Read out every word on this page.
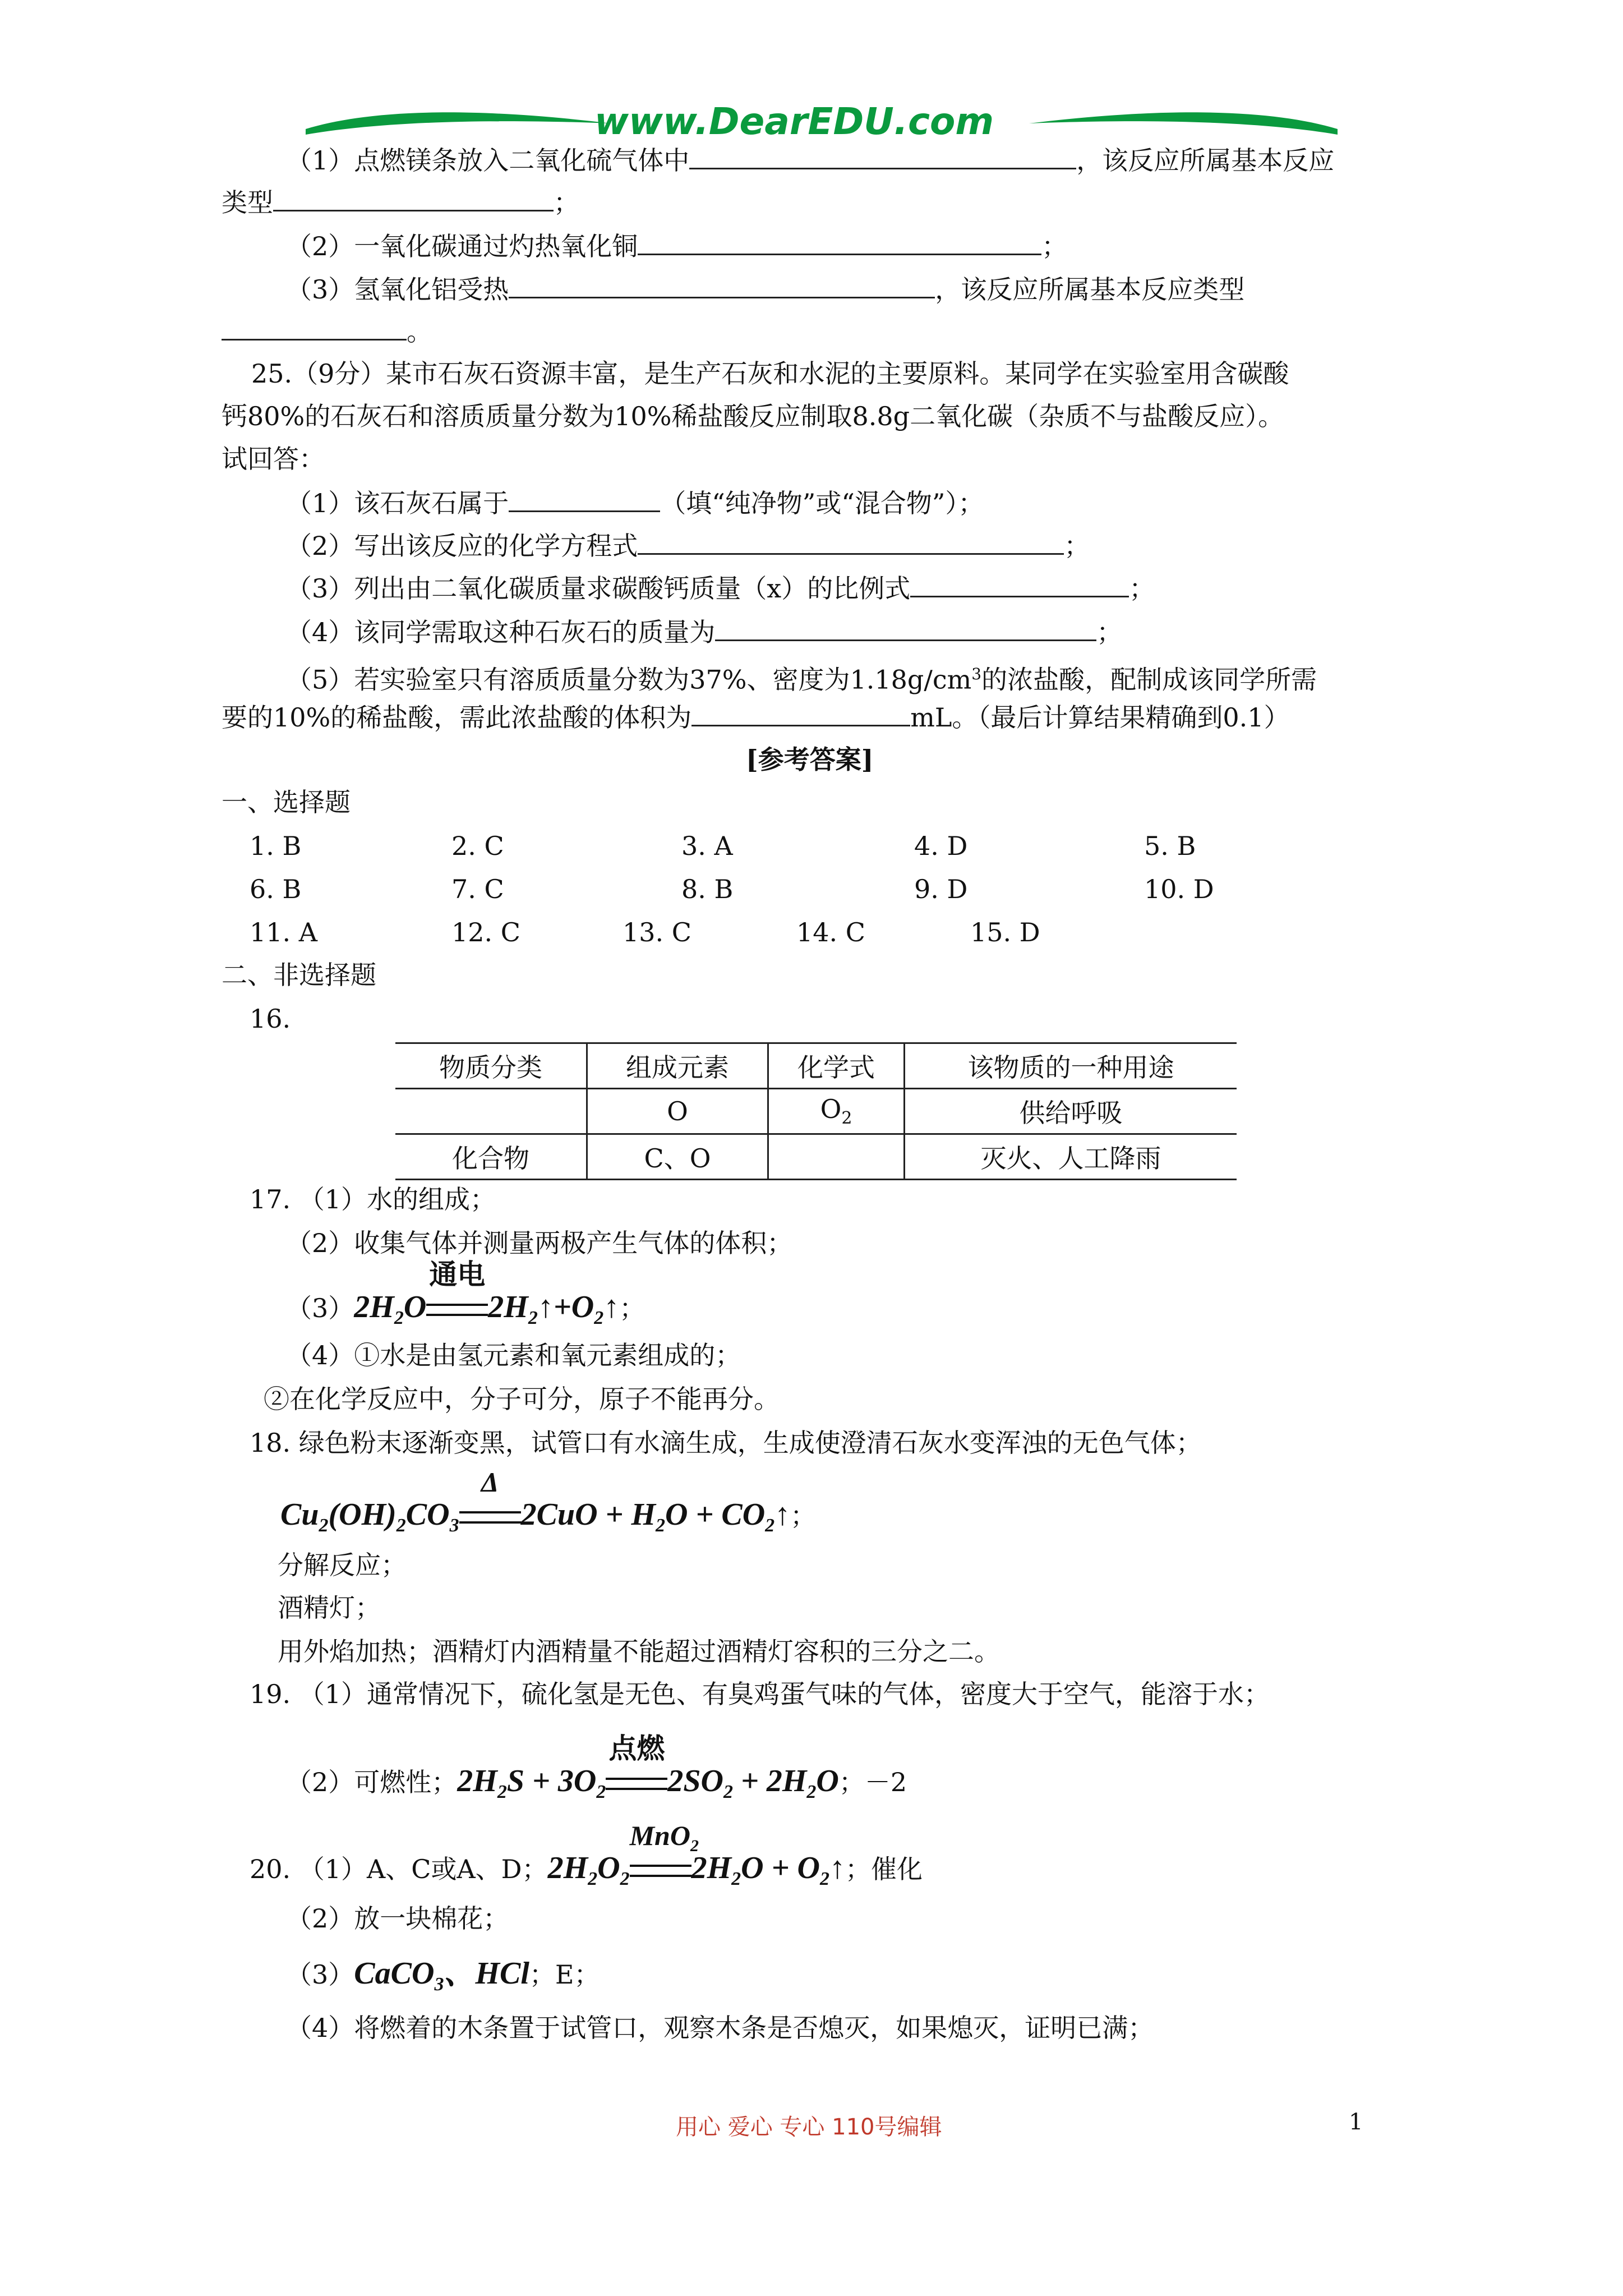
www.DearEDU.com
（1）点燃镁条放入二氧化硫气体中	，该反应所属基本反应
类型	；
（2）一氧化碳通过灼热氧化铜	；
（3）氢氧化铝受热	，该反应所属基本反应类型
。
25.（9分）某市石灰石资源丰富，是生产石灰和水泥的主要原料。某同学在实验室用含碳酸
钙80%的石灰石和溶质质量分数为10%稀盐酸反应制取8.8g二氧化碳（杂质不与盐酸反应）。
试回答：
（1）该石灰石属于	（填“纯净物”或“混合物”）；
（2）写出该反应的化学方程式	；
（3）列出由二氧化碳质量求碳酸钙质量（x）的比例式	；
（4）该同学需取这种石灰石的质量为	；
（5）若实验室只有溶质质量分数为37%、密度为$1.18g/cm^3$的浓盐酸，配制成该同学所需
要的10%的稀盐酸，需此浓盐酸的体积为	mL。（最后计算结果精确到0.1）
[参考答案]
一、选择题
1. B	2. C	3. A	4. D	5. B
6. B	7. C	8. B	9. D	10. D
11. A	12. C	13. C	14. C	15. D
二、非选择题
16.
物质分类	组成元素	化学式	该物质的一种用途
	O	$O_2$	供给呼吸
化合物	C、O		灭火、人工降雨
17. （1）水的组成；
（2）收集气体并测量两极产生气体的体积；
$(3)2H_2O$
通电
$2H_2↑+O_2↑$；
（4）①水是由氢元素和氧元素组成的；
②在化学反应中，分子可分，原子不能再分。
18. 绿色粉末逐渐变黑，试管口有水滴生成，生成使澄清石灰水变浑浊的无色气体；
$Cu_2(OH)_2CO_3$
Δ
$2CuO + H_2O$ + $CO_2↑$；
分解反应；
酒精灯；
用外焰加热；酒精灯内酒精量不能超过酒精灯容积的三分之二。
19. （1）通常情况下，硫化氢是无色、有臭鸡蛋气味的气体，密度大于空气，能溶于水；
（2）可燃性；$2H_2S + 3O_2$
点燃
$2SO_2 + 2H_2O$；－2
20. （1）A、C或A、D；$2H_2O_2$
MnO$_2$
$2H_2O$ + $O_2↑$；催化
（2）放一块棉花；
（3）CaCO$_3$、HCl；E；
（4）将燃着的木条置于试管口，观察木条是否熄灭，如果熄灭，证明已满；
用心 爱心 专心 110号编辑	1
